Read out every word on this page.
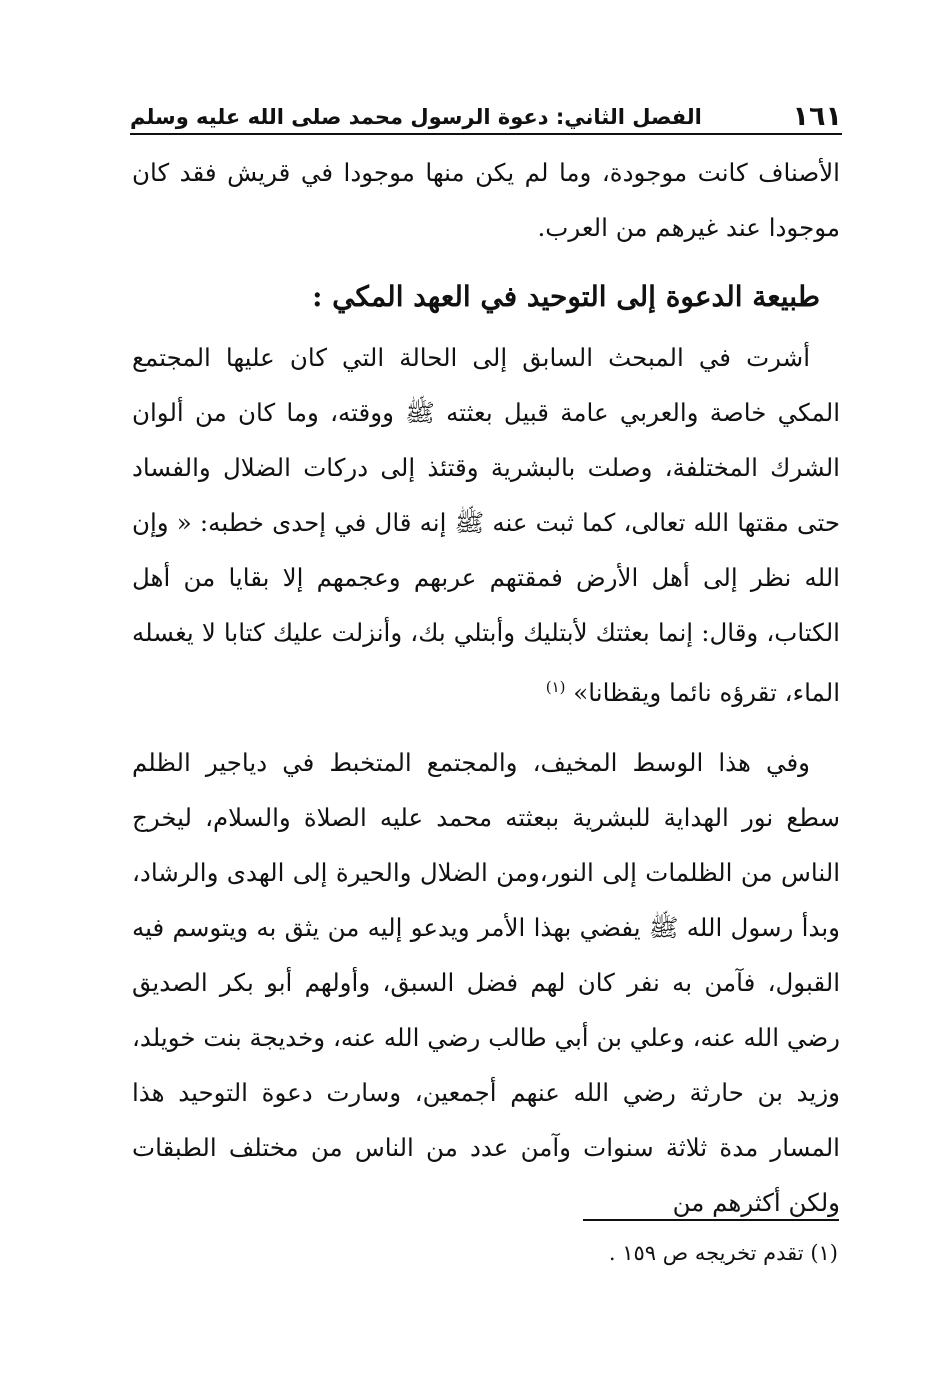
١٦١
الفصل الثاني: دعوة الرسول محمد صلى الله عليه وسلم

الأصناف كانت موجودة، وما لم يكن منها موجودا في قريش فقد كان موجودا عند غيرهم من العرب.

طبيعة الدعوة إلى التوحيد في العهد المكي :

أشرت في المبحث السابق إلى الحالة التي كان عليها المجتمع المكي خاصة والعربي عامة قبيل بعثته ﷺ ووقته، وما كان من ألوان الشرك المختلفة، وصلت بالبشرية وقتئذ إلى دركات الضلال والفساد حتى مقتها الله تعالى، كما ثبت عنه ﷺ إنه قال في إحدى خطبه: « وإن الله نظر إلى أهل الأرض فمقتهم عربهم وعجمهم إلا بقايا من أهل الكتاب، وقال: إنما بعثتك لأبتليك وأبتلي بك، وأنزلت عليك كتابا لا يغسله الماء، تقرؤه نائما ويقظانا» $^{(١)}$

وفي هذا الوسط المخيف، والمجتمع المتخبط في دياجير الظلم سطع نور الهداية للبشرية ببعثته محمد عليه الصلاة والسلام، ليخرج الناس من الظلمات إلى النور،ومن الضلال والحيرة إلى الهدى والرشاد، وبدأ رسول الله ﷺ يفضي بهذا الأمر ويدعو إليه من يثق به ويتوسم فيه القبول، فآمن به نفر كان لهم فضل السبق، وأولهم أبو بكر الصديق رضي الله عنه، وعلي بن أبي طالب رضي الله عنه، وخديجة بنت خويلد، وزيد بن حارثة رضي الله عنهم أجمعين، وسارت دعوة التوحيد هذا المسار مدة ثلاثة سنوات وآمن عدد من الناس من مختلف الطبقات ولكن أكثرهم من

(١) تقدم تخريجه ص ١٥٩ .
